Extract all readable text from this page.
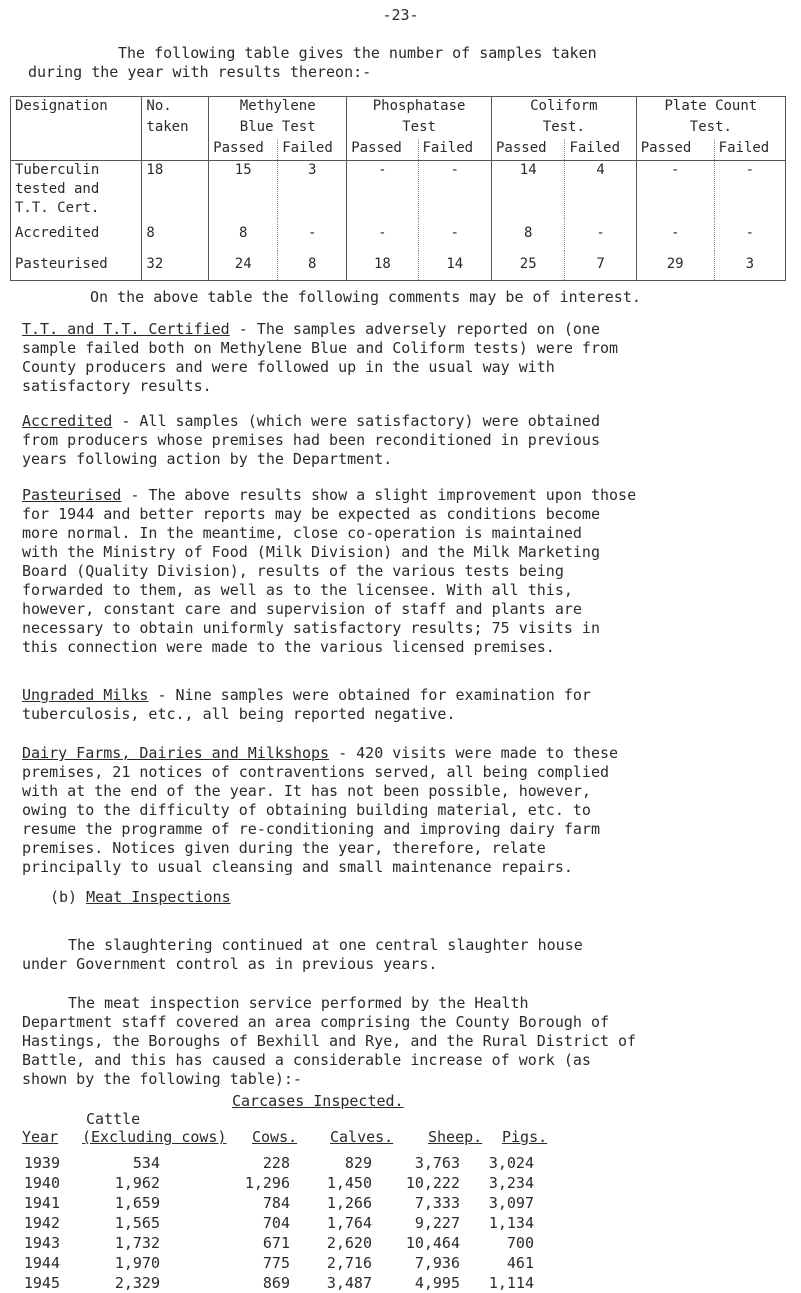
-23-
The following table gives the number of samples taken
during the year with results thereon:-
Designation	No.	Methylene		Phosphatase		Coliform		Plate Count	
	taken	Blue Test		Test		Test.		Test.	
		Passed	Failed	Passed	Failed	Passed	Failed	Passed	Failed

Tuberculin
tested and
T.T. Cert.	18	15	3	-	-	14	4	-	-
Accredited	8	8	-	-	-	8	-	-	-
Pasteurised	32	24	8	18	14	25	7	29	3
On the above table the following comments may be of interest.
T.T. and T.T. Certified - The samples adversely reported on (one
sample failed both on Methylene Blue and Coliform tests) were from
County producers and were followed up in the usual way with
satisfactory results.
Accredited - All samples (which were satisfactory) were obtained
from producers whose premises had been reconditioned in previous
years following action by the Department.
Pasteurised - The above results show a slight improvement upon those
for 1944 and better reports may be expected as conditions become
more normal. In the meantime, close co-operation is maintained
with the Ministry of Food (Milk Division) and the Milk Marketing
Board (Quality Division), results of the various tests being
forwarded to them, as well as to the licensee. With all this,
however, constant care and supervision of staff and plants are
necessary to obtain uniformly satisfactory results; 75 visits in
this connection were made to the various licensed premises.
Ungraded Milks - Nine samples were obtained for examination for
tuberculosis, etc., all being reported negative.
Dairy Farms, Dairies and Milkshops - 420 visits were made to these
premises, 21 notices of contraventions served, all being complied
with at the end of the year. It has not been possible, however,
owing to the difficulty of obtaining building material, etc. to
resume the programme of re-conditioning and improving dairy farm
premises. Notices given during the year, therefore, relate
principally to usual cleansing and small maintenance repairs.
(b) Meat Inspections
The slaughtering continued at one central slaughter house
under Government control as in previous years.
The meat inspection service performed by the Health
Department staff covered an area comprising the County Borough of
Hastings, the Boroughs of Bexhill and Rye, and the Rural District of
Battle, and this has caused a considerable increase of work (as
shown by the following table):-
Carcases Inspected.
Cattle
Year (Excluding cows) Cows. Calves. Sheep. Pigs.
1939	534	228	829	3,763	3,024
1940	1,962	1,296	1,450	10,222	3,234
1941	1,659	784	1,266	7,333	3,097
1942	1,565	704	1,764	9,227	1,134
1943	1,732	671	2,620	10,464	700
1944	1,970	775	2,716	7,936	461
1945	2,329	869	3,487	4,995	1,114
